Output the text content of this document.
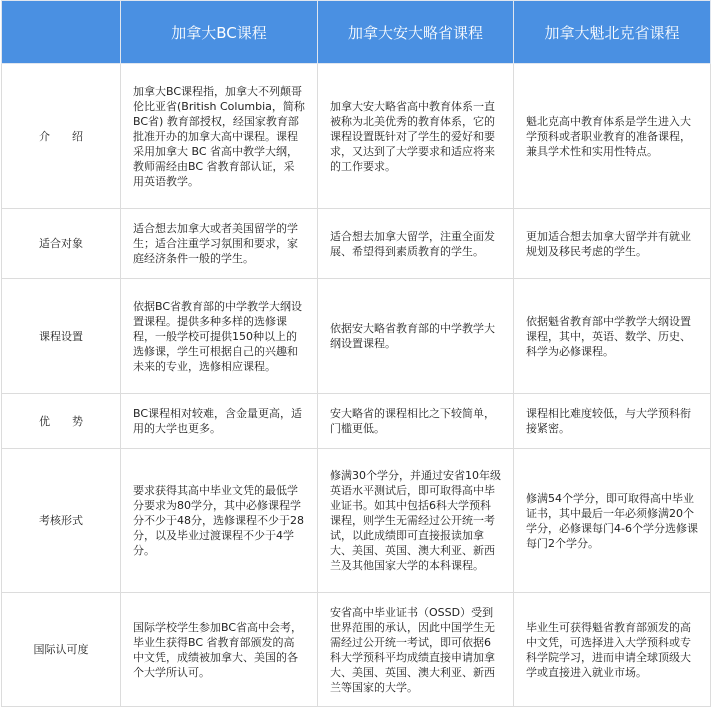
	加拿大BC课程	加拿大安大略省课程	加拿大魁北克省课程
介　　绍	加拿大BC课程指，加拿大不列颠哥伦比亚省(British Columbia，简称BC省) 教育部授权，经国家教育部批准开办的加拿大高中课程。课程采用加拿大 BC 省高中教学大纲，教师需经由BC 省教育部认证，采用英语教学。	加拿大安大略省高中教育体系一直被称为北美优秀的教育体系，它的课程设置既针对了学生的爱好和要求，又达到了大学要求和适应将来的工作要求。	魁北克高中教育体系是学生进入大学预科或者职业教育的准备课程，兼具学术性和实用性特点。
适合对象	适合想去加拿大或者美国留学的学生；适合注重学习氛围和要求，家庭经济条件一般的学生。	适合想去加拿大留学，注重全面发展、希望得到素质教育的学生。	更加适合想去加拿大留学并有就业规划及移民考虑的学生。
课程设置	依据BC省教育部的中学教学大纲设置课程。提供多种多样的选修课程，一般学校可提供150种以上的选修课，学生可根据自己的兴趣和未来的专业，选修相应课程。	依据安大略省教育部的中学教学大纲设置课程。	依据魁省教育部中学教学大纲设置课程，其中，英语、数学、历史、科学为必修课程。
优　　势	BC课程相对较难，含金量更高，适用的大学也更多。	安大略省的课程相比之下较简单，门槛更低。	课程相比难度较低，与大学预科衔接紧密。
考核形式	要求获得其高中毕业文凭的最低学分要求为80学分，其中必修课程学分不少于48分，选修课程不少于28分，以及毕业过渡课程不少于4学分。	修满30个学分，并通过安省10年级英语水平测试后，即可取得高中毕业证书。如其中包括6科大学预科课程，则学生无需经过公开统一考试，以此成绩即可直接报读加拿大、美国、英国、澳大利亚、新西兰及其他国家大学的本科课程。	修满54个学分，即可取得高中毕业证书，其中最后一年必须修满20个学分，必修课每门4-6个学分选修课每门2个学分。
国际认可度	国际学校学生参加BC省高中会考，毕业生获得BC 省教育部颁发的高中文凭，成绩被加拿大、美国的各个大学所认可。	安省高中毕业证书（OSSD）受到世界范围的承认，因此中国学生无需经过公开统一考试，即可依据6科大学预科平均成绩直接申请加拿大、美国、英国、澳大利亚、新西兰等国家的大学。	毕业生可获得魁省教育部颁发的高中文凭，可选择进入大学预科或专科学院学习，进而申请全球顶级大学或直接进入就业市场。
